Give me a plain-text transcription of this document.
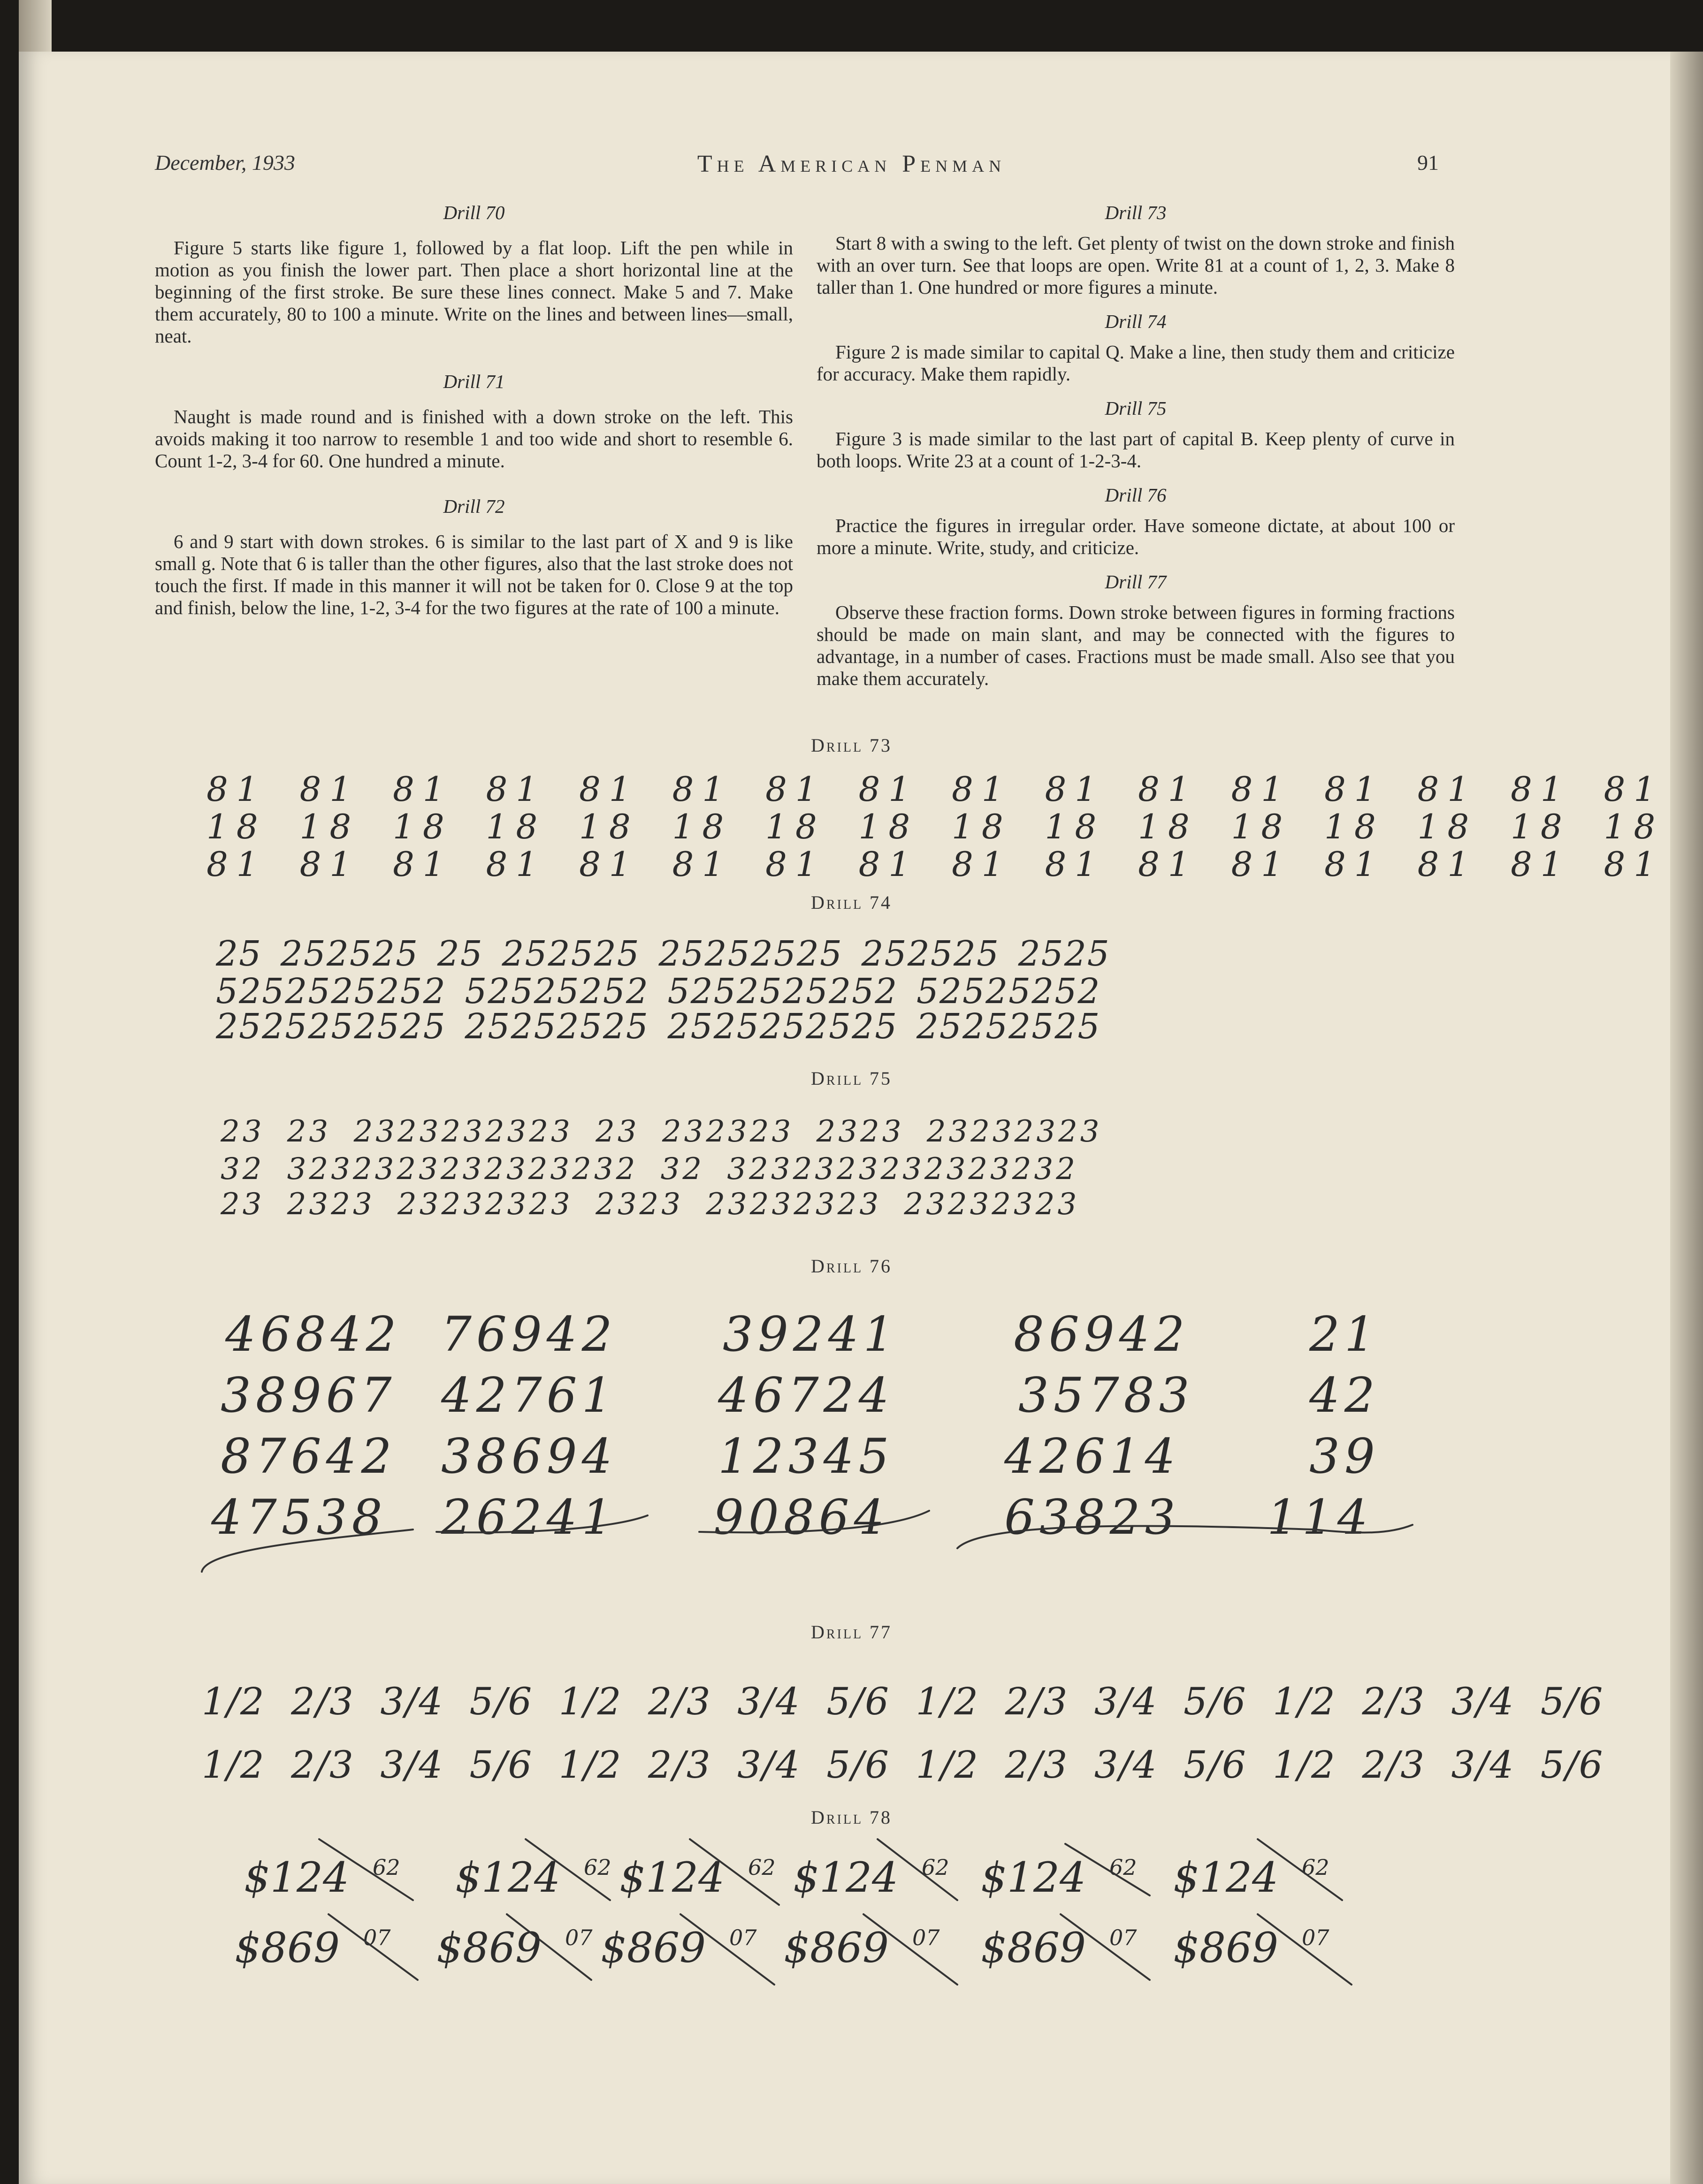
December, 1933	The American Penman	91
Drill 70

Figure 5 starts like figure 1, followed by a flat loop. Lift the pen while in motion as you finish the lower part. Then place a short horizontal line at the beginning of the first stroke. Be sure these lines connect. Make 5 and 7. Make them accurately, 80 to 100 a minute. Write on the lines and between lines—small, neat.

Drill 71

Naught is made round and is finished with a down stroke on the left. This avoids making it too narrow to resemble 1 and too wide and short to resemble 6. Count 1-2, 3-4 for 60. One hundred a minute.

Drill 72

6 and 9 start with down strokes. 6 is similar to the last part of X and 9 is like small g. Note that 6 is taller than the other figures, also that the last stroke does not touch the first. If made in this manner it will not be taken for 0. Close 9 at the top and finish, below the line, 1-2, 3-4 for the two figures at the rate of 100 a minute.

Drill 73

Start 8 with a swing to the left. Get plenty of twist on the down stroke and finish with an over turn. See that loops are open. Write 81 at a count of 1, 2, 3. Make 8 taller than 1. One hundred or more figures a minute.

Drill 74

Figure 2 is made similar to capital Q. Make a line, then study them and criticize for accuracy. Make them rapidly.

Drill 75

Figure 3 is made similar to the last part of capital B. Keep plenty of curve in both loops. Write 23 at a count of 1-2-3-4.

Drill 76

Practice the figures in irregular order. Have someone dictate, at about 100 or more a minute. Write, study, and criticize.

Drill 77

Observe these fraction forms. Down stroke between figures in forming fractions should be made on main slant, and may be connected with the figures to advantage, in a number of cases. Fractions must be made small. Also see that you make them accurately.

Drill 73
81 81 81 81 81 81 81 81 81 81 81 81 81 81 81 81
18 18 18 18 18 18 18 18 18 18 18 18 18 18 18 18
81 81 81 81 81 81 81 81 81 81 81 81 81 81 81 81
Drill 74
25 252525 25 252525 25252525 252525 2525
5252525252 52525252 5252525252 52525252
2525252525 25252525 2525252525 25252525
Drill 75
23 23 2323232323 23 232323 2323 23232323
32 3232323232323232 32 3232323232323232
23 2323 23232323 2323 23232323 23232323
Drill 76
46842 76942 39241 86942	21
38967 42761 46724	35783 42
87642 38694 12345 42614	39
47538 26241 90864 63823 114
Drill 77
1/2 2/3 3/4 5/6 1/2 2/3 3/4 5/6 1/2 2/3 3/4 5/6 1/2 2/3 3/4 5/6
1/2 2/3 3/4 5/6 1/2 2/3 3/4 5/6 1/2 2/3 3/4 5/6 1/2 2/3 3/4 5/6
Drill 78
$124 $^{62}$ $124 $^{62}$ $124 $^{62}$ $124 $^{62}$ $124 $^{62}$ $124 $^{62}$
$869 $^{07}$ $869 $^{07}$ $869 $^{07}$ $869 $^{07}$ $869 $^{07}$ $869 $^{07}$
